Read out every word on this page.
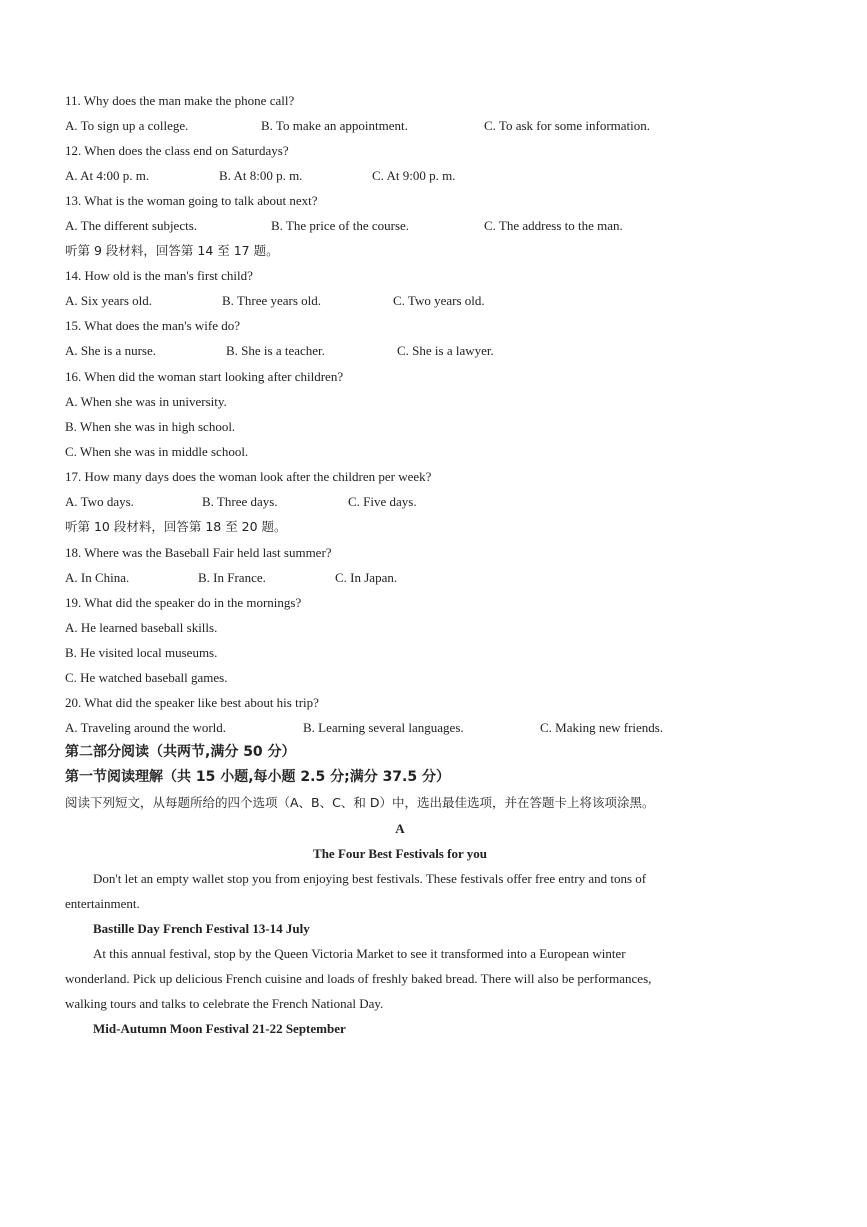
11. Why does the man make the phone call?
A. To sign up a college.	B. To make an appointment.	C. To ask for some information.
12. When does the class end on Saturdays?
A. At 4:00 p. m.	B. At 8:00 p. m.	C. At 9:00 p. m.
13. What is the woman going to talk about next?
A. The different subjects.	B. The price of the course.	C. The address to the man.
听第 9 段材料，回答第 14 至 17 题。
14. How old is the man's first child?
A. Six years old.	B. Three years old.	C. Two years old.
15. What does the man's wife do?
A. She is a nurse.	B. She is a teacher.	C. She is a lawyer.
16. When did the woman start looking after children?
A. When she was in university.
B. When she was in high school.
C. When she was in middle school.
17. How many days does the woman look after the children per week?
A. Two days.	B. Three days.	C. Five days.
听第 10 段材料，回答第 18 至 20 题。
18. Where was the Baseball Fair held last summer?
A. In China.	B. In France.	C. In Japan.
19. What did the speaker do in the mornings?
A. He learned baseball skills.
B. He visited local museums.
C. He watched baseball games.
20. What did the speaker like best about his trip?
A. Traveling around the world.	B. Learning several languages.	C. Making new friends.
第二部分阅读（共两节,满分 50 分）
第一节阅读理解（共 15 小题,每小题 2.5 分;满分 37.5 分）
阅读下列短文，从每题所给的四个选项（A、B、C、和 D）中，选出最佳选项，并在答题卡上将该项涂黑。
A
The Four Best Festivals for you
Don't let an empty wallet stop you from enjoying best festivals. These festivals offer free entry and tons of
entertainment.
Bastille Day French Festival 13-14 July
At this annual festival, stop by the Queen Victoria Market to see it transformed into a European winter
wonderland. Pick up delicious French cuisine and loads of freshly baked bread. There will also be performances,
walking tours and talks to celebrate the French National Day.
Mid-Autumn Moon Festival 21-22 September
